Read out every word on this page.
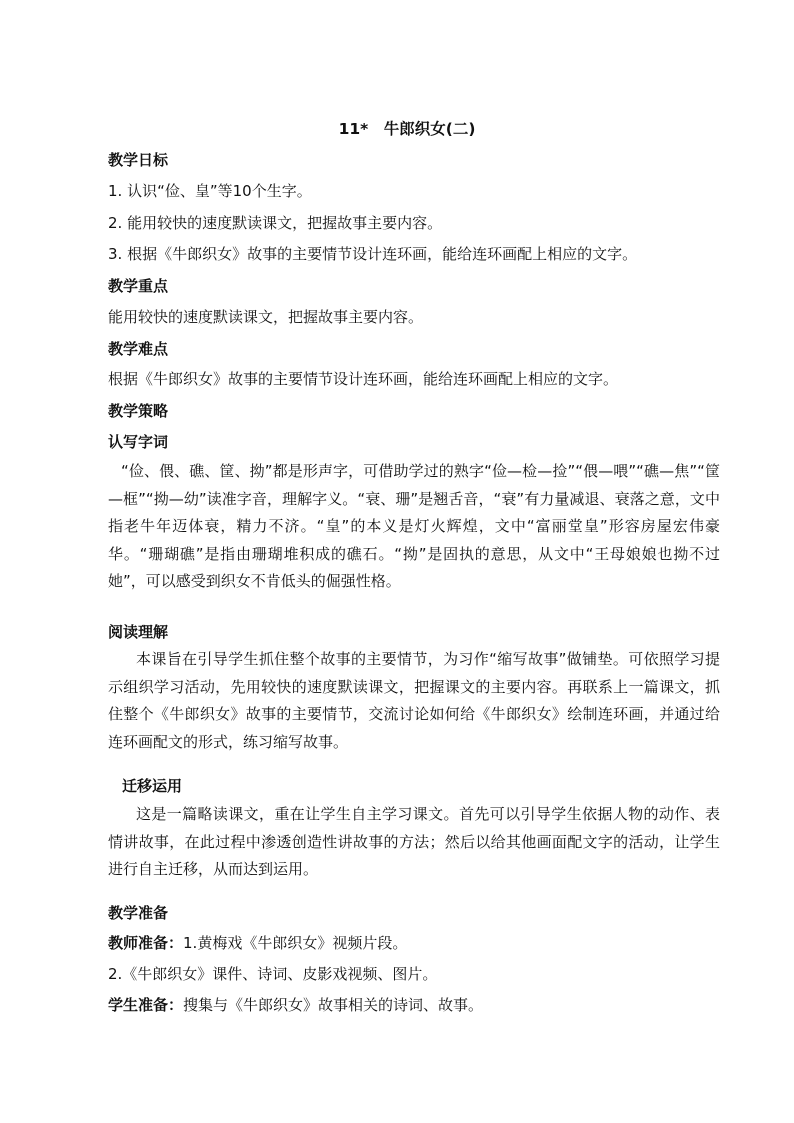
11*　牛郎织女(二)
教学日标
1. 认识“俭、皇”等10个生字。
2. 能用较快的速度默读课文，把握故事主要内容。
3. 根据《牛郎织女》故事的主要情节设计连环画，能给连环画配上相应的文字。
教学重点
能用较快的速度默读课文，把握故事主要内容。
教学难点
根据《牛郎织女》故事的主要情节设计连环画，能给连环画配上相应的文字。
教学策略
认写字词
“俭、偎、礁、筐、拗”都是形声字，可借助学过的熟字“俭—检—捡”“偎—喂”“礁—焦”“筐—框”“拗—幼”读准字音，理解字义。“衰、珊”是翘舌音，“衰”有力量减退、衰落之意，文中指老牛年迈体衰，精力不济。“皇”的本义是灯火辉煌，文中“富丽堂皇”形容房屋宏伟豪华。“珊瑚礁”是指由珊瑚堆积成的礁石。“拗”是固执的意思，从文中“王母娘娘也拗不过她”，可以感受到织女不肯低头的倔强性格。
阅读理解
本课旨在引导学生抓住整个故事的主要情节，为习作“缩写故事”做铺垫。可依照学习提示组织学习活动，先用较快的速度默读课文，把握课文的主要内容。再联系上一篇课文，抓住整个《牛郎织女》故事的主要情节，交流讨论如何给《牛郎织女》绘制连环画，并通过给连环画配文的形式，练习缩写故事。
迁移运用
这是一篇略读课文，重在让学生自主学习课文。首先可以引导学生依据人物的动作、表情讲故事，在此过程中渗透创造性讲故事的方法；然后以给其他画面配文字的活动，让学生进行自主迁移，从而达到运用。
教学准备
教师准备：1.黄梅戏《牛郎织女》视频片段。
2.《牛郎织女》课件、诗词、皮影戏视频、图片。
学生准备：搜集与《牛郎织女》故事相关的诗词、故事。
